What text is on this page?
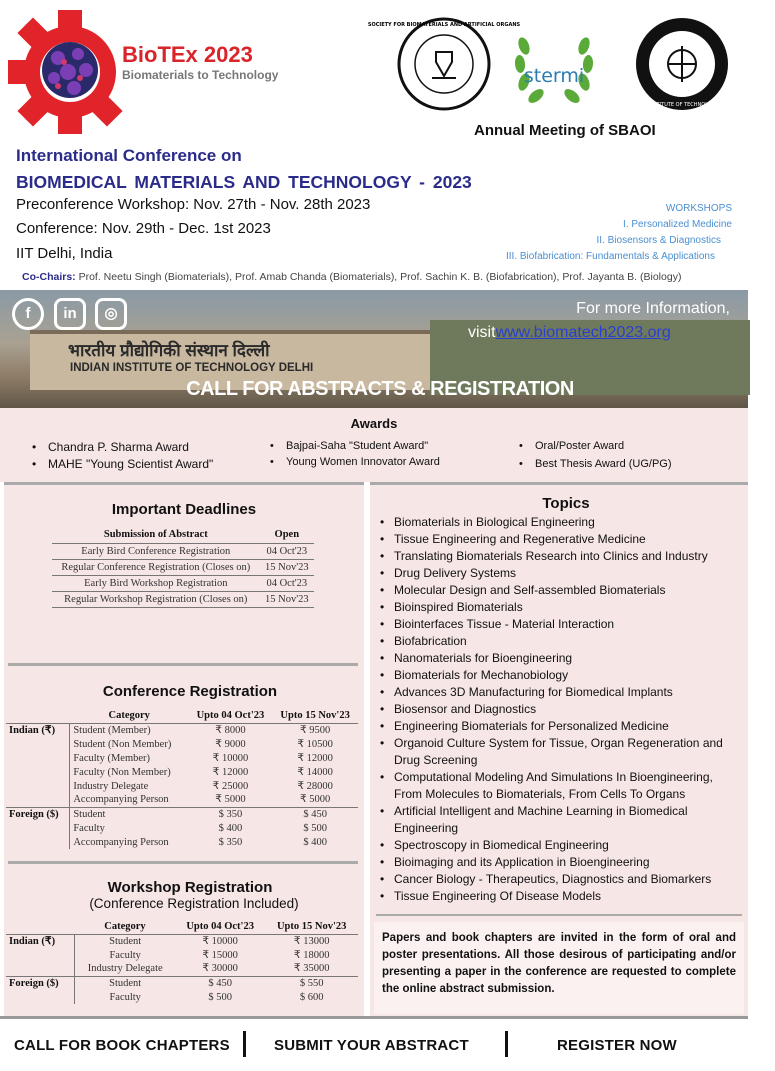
BioTEx 2023
Biomaterials to Technology
SOCIETY FOR BIOMATERIALS AND ARTIFICIAL ORGANS
stermi
INDIAN INSTITUTE OF TECHNOLOGY DELHI
Annual Meeting of SBAOI
International Conference on
BIOMEDICAL MATERIALS AND TECHNOLOGY - 2023
Preconference Workshop: Nov. 27th - Nov. 28th 2023
Conference: Nov. 29th - Dec. 1st 2023
IIT Delhi, India
WORKSHOPS
I. Personalized Medicine
II. Biosensors & Diagnostics
III. Biofabrication: Fundamentals & Applications
Co-Chairs: Prof. Neetu Singh (Biomaterials), Prof. Amab Chanda (Biomaterials), Prof. Sachin K. B. (Biofabrication), Prof. Jayanta B. (Biology)
भारतीय प्रौद्योगिकी संस्थान दिल्ली
INDIAN INSTITUTE OF TECHNOLOGY DELHI
f	in	◎	For more Information,
visitwww.biomatech2023.org
CALL FOR ABSTRACTS & REGISTRATION
Awards
• Chandra P. Sharma Award
• MAHE "Young Scientist Award"
• Bajpai-Saha "Student Award"
• Young Women Innovator Award
• Oral/Poster Award
• Best Thesis Award (UG/PG)
Important Deadlines
Submission of Abstract	Open
Early Bird Conference Registration	04 Oct'23
Regular Conference Registration (Closes on)	15 Nov'23
Early Bird Workshop Registration	04 Oct'23
Regular Workshop Registration (Closes on)	15 Nov'23
Conference Registration
	Category	Upto 04 Oct'23	Upto 15 Nov'23
Indian (₹)	Student (Member)	₹ 8000	₹ 9500
	Student (Non Member)	₹ 9000	₹ 10500
	Faculty (Member)	₹ 10000	₹ 12000
	Faculty (Non Member)	₹ 12000	₹ 14000
	Industry Delegate	₹ 25000	₹ 28000
	Accompanying Person	₹ 5000	₹ 5000
Foreign ($)	Student	$ 350	$ 450
	Faculty	$ 400	$ 500
	Accompanying Person	$ 350	$ 400
Workshop Registration
(Conference Registration Included)
	Category	Upto 04 Oct'23	Upto 15 Nov'23
Indian (₹)	Student	₹ 10000	₹ 13000
	Faculty	₹ 15000	₹ 18000
	Industry Delegate	₹ 30000	₹ 35000
Foreign ($)	Student	$ 450	$ 550
	Faculty	$ 500	$ 600
Topics
• Biomaterials in Biological Engineering
• Tissue Engineering and Regenerative Medicine
• Translating Biomaterials Research into Clinics and Industry
• Drug Delivery Systems
• Molecular Design and Self-assembled Biomaterials
• Bioinspired Biomaterials
• Biointerfaces Tissue - Material Interaction
• Biofabrication
• Nanomaterials for Bioengineering
• Biomaterials for Mechanobiology
• Advances 3D Manufacturing for Biomedical Implants
• Biosensor and Diagnostics
• Engineering Biomaterials for Personalized Medicine
• Organoid Culture System for Tissue, Organ Regeneration and Drug Screening
• Computational Modeling And Simulations In Bioengineering, From Molecules to Biomaterials, From Cells To Organs
• Artificial Intelligent and Machine Learning in Biomedical Engineering
• Spectroscopy in Biomedical Engineering
• Bioimaging and its Application in Bioengineering
• Cancer Biology - Therapeutics, Diagnostics and Biomarkers
• Tissue Engineering Of Disease Models
Papers and book chapters are invited in the form of oral and poster presentations. All those desirous of participating and/or presenting a paper in the conference are requested to complete the online abstract submission.
CALL FOR BOOK CHAPTERS	SUBMIT YOUR ABSTRACT	REGISTER NOW
